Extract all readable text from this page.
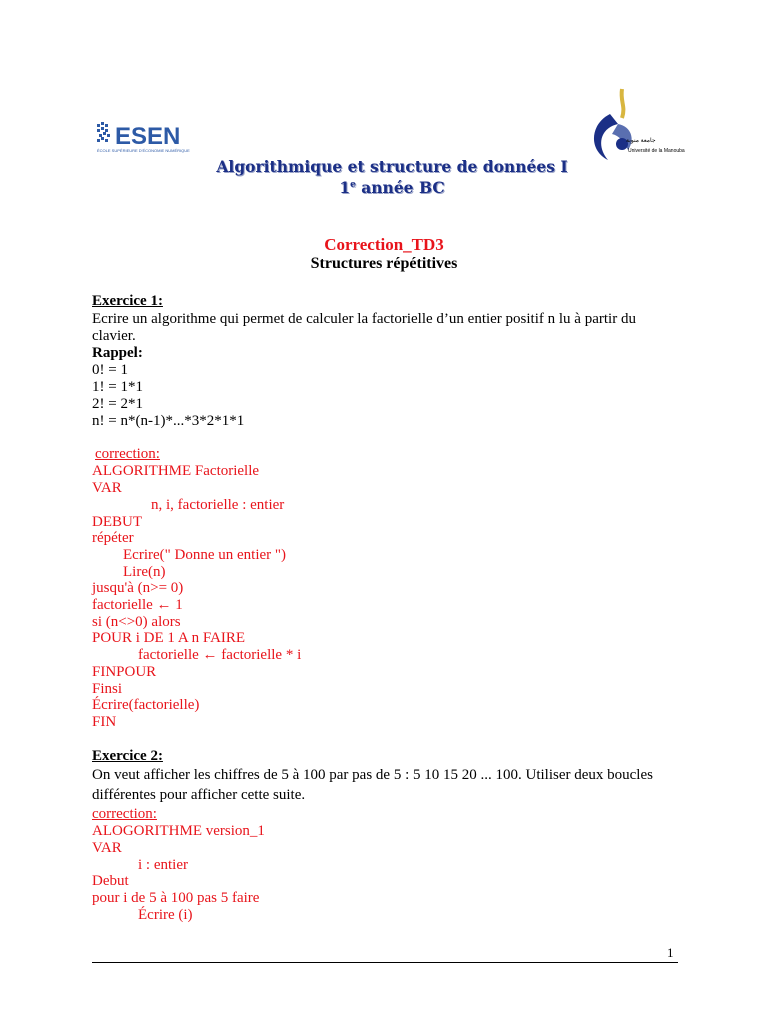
ESEN
ÉCOLE SUPÉRIEURE D'ÉCONOMIE NUMÉRIQUE
جامعة منوبة
Université de la Manouba
Algorithmique et structure de données I
1e année BC
Correction_TD3
Structures répétitives
Exercice 1:
Ecrire un algorithme qui permet de calculer la factorielle d’un entier positif n lu à partir du
clavier.
Rappel:
0! = 1
1! = 1*1
2! = 2*1
n! = n*(n-1)*...*3*2*1*1
correction:
ALGORITHME Factorielle
VAR
n, i, factorielle : entier
DEBUT
répéter
Ecrire(" Donne un entier ")
Lire(n)
jusqu'à (n>= 0)
factorielle ← 1
si (n<>0) alors
POUR i DE 1 A n FAIRE
factorielle ← factorielle * i
FINPOUR
Finsi
Écrire(factorielle)
FIN
Exercice 2:
On veut afficher les chiffres de 5 à 100 par pas de 5 : 5 10 15 20 ... 100. Utiliser deux boucles
différentes pour afficher cette suite.
correction:
ALOGORITHME version_1
VAR
i : entier
Debut
pour i de 5 à 100 pas 5 faire
Écrire (i)
1
